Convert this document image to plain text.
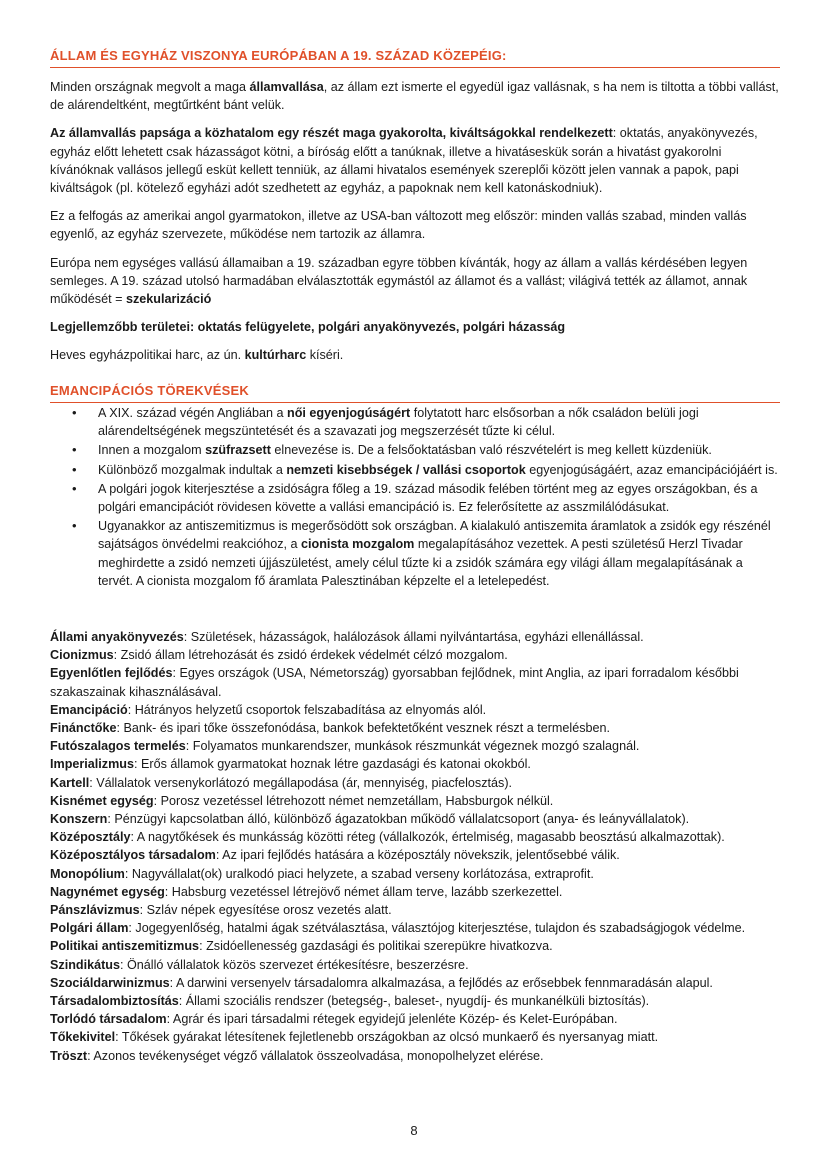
ÁLLAM ÉS EGYHÁZ VISZONYA EURÓPÁBAN A 19. SZÁZAD KÖZEPÉIG:

Minden országnak megvolt a maga államvallása, az állam ezt ismerte el egyedül igaz vallásnak, s ha nem is tiltotta a többi vallást, de alárendeltként, megtűrtként bánt velük.

Az államvallás papsága a közhatalom egy részét maga gyakorolta, kiváltságokkal rendelkezett: oktatás, anyakönyvezés, egyház előtt lehetett csak házasságot kötni, a bíróság előtt a tanúknak, illetve a hivatáseskük során a hivatást gyakorolni kívánóknak vallásos jellegű esküt kellett tenniük, az állami hivatalos események szereplői között jelen vannak a papok, papi kiváltságok (pl. kötelező egyházi adót szedhetett az egyház, a papoknak nem kell katonáskodniuk).

Ez a felfogás az amerikai angol gyarmatokon, illetve az USA-ban változott meg először: minden vallás szabad, minden vallás egyenlő, az egyház szervezete, működése nem tartozik az államra.

Európa nem egységes vallású államaiban a 19. században egyre többen kívánták, hogy az állam a vallás kérdésében legyen semleges. A 19. század utolsó harmadában elválasztották egymástól az államot és a vallást; világivá tették az államot, annak működését = szekularizáció

Legjellemzőbb területei: oktatás felügyelete, polgári anyakönyvezés, polgári házasság

Heves egyházpolitikai harc, az ún. kultúrharc kíséri.

EMANCIPÁCIÓS TÖREKVÉSEK
• A XIX. század végén Angliában a női egyenjogúságért folytatott harc elsősorban a nők családon belüli jogi alárendeltségének megszüntetését és a szavazati jog megszerzését tűzte ki célul.
• Innen a mozgalom szüfrazsett elnevezése is. De a felsőoktatásban való részvételért is meg kellett küzdeniük.
• Különböző mozgalmak indultak a nemzeti kisebbségek / vallási csoportok egyenjogúságáért, azaz emancipációjáért is.
• A polgári jogok kiterjesztése a zsidóságra főleg a 19. század második felében történt meg az egyes országokban, és a polgári emancipációt rövidesen követte a vallási emancipáció is. Ez felerősítette az asszmilálódásukat.
• Ugyanakkor az antiszemitizmus is megerősödött sok országban. A kialakuló antiszemita áramlatok a zsidók egy részénél sajátságos önvédelmi reakcióhoz, a cionista mozgalom megalapításához vezettek. A pesti születésű Herzl Tivadar meghirdette a zsidó nemzeti újjászületést, amely célul tűzte ki a zsidók számára egy világi állam megalapításának a tervét. A cionista mozgalom fő áramlata Palesztinában képzelte el a letelepedést.

Állami anyakönyvezés: Születések, házasságok, halálozások állami nyilvántartása, egyházi ellenállással.

Cionizmus: Zsidó állam létrehozását és zsidó érdekek védelmét célzó mozgalom.

Egyenlőtlen fejlődés: Egyes országok (USA, Németország) gyorsabban fejlődnek, mint Anglia, az ipari forradalom későbbi szakaszainak kihasználásával.

Emancipáció: Hátrányos helyzetű csoportok felszabadítása az elnyomás alól.

Finánctőke: Bank- és ipari tőke összefonódása, bankok befektetőként vesznek részt a termelésben.

Futószalagos termelés: Folyamatos munkarendszer, munkások részmunkát végeznek mozgó szalagnál.

Imperializmus: Erős államok gyarmatokat hoznak létre gazdasági és katonai okokból.

Kartell: Vállalatok versenykorlátozó megállapodása (ár, mennyiség, piacfelosztás).

Kisnémet egység: Porosz vezetéssel létrehozott német nemzetállam, Habsburgok nélkül.

Konszern: Pénzügyi kapcsolatban álló, különböző ágazatokban működő vállalatcsoport (anya- és leányvállalatok).

Középosztály: A nagytőkések és munkásság közötti réteg (vállalkozók, értelmiség, magasabb beosztású alkalmazottak).

Középosztályos társadalom: Az ipari fejlődés hatására a középosztály növekszik, jelentősebbé válik.

Monopólium: Nagyvállalat(ok) uralkodó piaci helyzete, a szabad verseny korlátozása, extraprofit.

Nagynémet egység: Habsburg vezetéssel létrejövő német állam terve, lazább szerkezettel.

Pánszlávizmus: Szláv népek egyesítése orosz vezetés alatt.

Polgári állam: Jogegyenlőség, hatalmi ágak szétválasztása, választójog kiterjesztése, tulajdon és szabadságjogok védelme.

Politikai antiszemitizmus: Zsidóellenesség gazdasági és politikai szerepükre hivatkozva.

Szindikátus: Önálló vállalatok közös szervezet értékesítésre, beszerzésre.

Szociáldarwinizmus: A darwini versenyelv társadalomra alkalmazása, a fejlődés az erősebbek fennmaradásán alapul.

Társadalombiztosítás: Állami szociális rendszer (betegség-, baleset-, nyugdíj- és munkanélküli biztosítás).

Torlódó társadalom: Agrár és ipari társadalmi rétegek egyidejű jelenléte Közép- és Kelet-Európában.

Tőkekivitel: Tőkések gyárakat létesítenek fejletlenebb országokban az olcsó munkaerő és nyersanyag miatt.

Tröszt: Azonos tevékenységet végző vállalatok összeolvadása, monopolhelyzet elérése.

8
